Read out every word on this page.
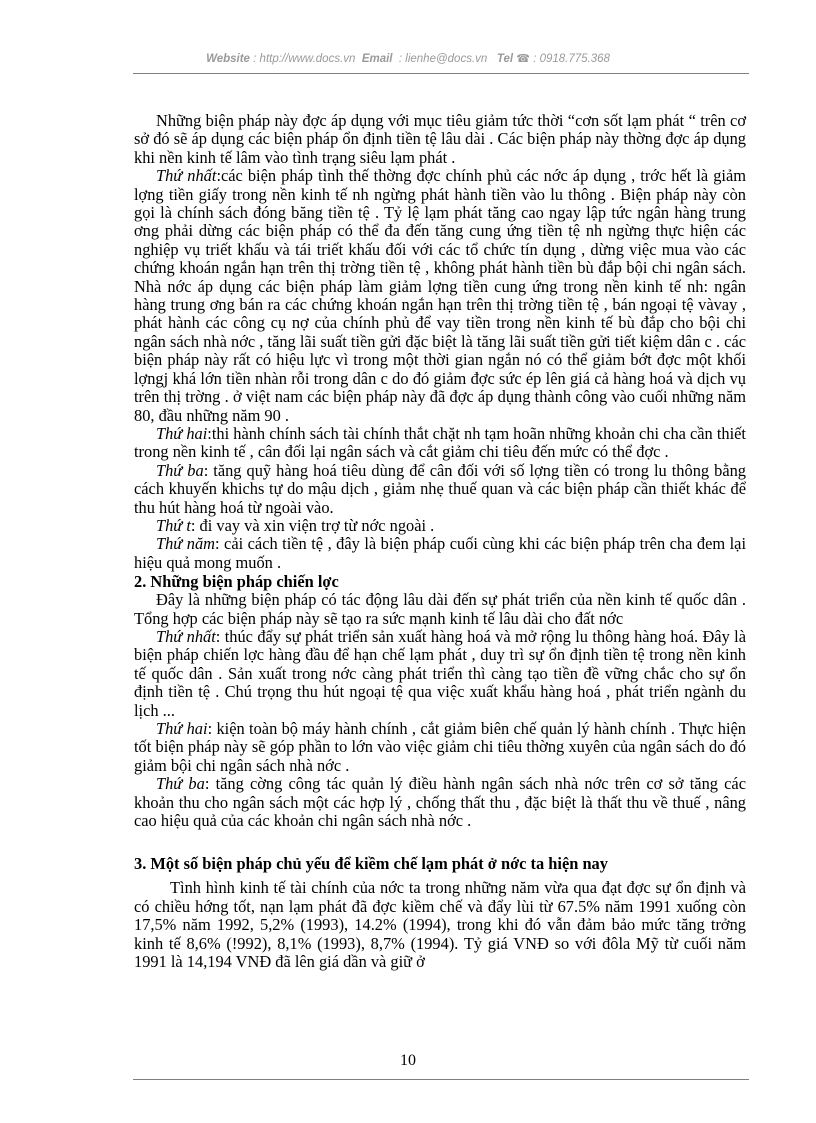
Website : http://www.docs.vn Email : lienhe@docs.vn Tel ☎ : 0918.775.368

Những biện pháp này đợc áp dụng với mục tiêu giảm tức thời “cơn sốt lạm phát “ trên cơ sở đó sẽ áp dụng các biện pháp ổn định tiền tệ lâu dài . Các biện pháp này thờng đợc áp dụng khi nền kinh tế lâm vào tình trạng siêu lạm phát .

Thứ nhất:các biện pháp tình thế thờng đợc chính phủ các nớc áp dụng , trớc hết là giảm lợng tiền giấy trong nền kinh tế nh ngừng phát hành tiền vào lu thông . Biện pháp này còn gọi là chính sách đóng băng tiền tệ . Tỷ lệ lạm phát tăng cao ngay lập tức ngân hàng trung ơng phải dừng các biện pháp có thể đa đến tăng cung ứng tiền tệ nh ngừng thực hiện các nghiệp vụ triết khấu và tái triết khấu đối với các tổ chức tín dụng , dừng việc mua vào các chứng khoán ngắn hạn trên thị trờng tiền tệ , không phát hành tiền bù đắp bội chi ngân sách. Nhà nớc áp dụng các biện pháp làm giảm lợng tiền cung ứng trong nền kinh tế nh: ngân hàng trung ơng bán ra các chứng khoán ngắn hạn trên thị trờng tiền tệ , bán ngoại tệ vàvay , phát hành các công cụ nợ của chính phủ để vay tiền trong nền kinh tế bù đắp cho bội chi ngân sách nhà nớc , tăng lãi suất tiền gửi đặc biệt là tăng lãi suất tiền gửi tiết kiệm dân c . các biện pháp này rất có hiệu lực vì trong một thời gian ngắn nó có thể giảm bớt đợc một khối lợngj khá lớn tiền nhàn rỗi trong dân c do đó giảm đợc sức ép lên giá cả hàng hoá và dịch vụ trên thị trờng . ở việt nam các biện pháp này đã đợc áp dụng thành công vào cuối những năm 80, đầu những năm 90 .

Thứ hai:thi hành chính sách tài chính thắt chặt nh tạm hoãn những khoản chi cha cần thiết trong nền kinh tế , cân đối lại ngân sách và cắt giảm chi tiêu đến mức có thể đợc .

Thứ ba: tăng quỹ hàng hoá tiêu dùng để cân đối với số lợng tiền có trong lu thông bằng cách khuyến khichs tự do mậu dịch , giảm nhẹ thuế quan và các biện pháp cần thiết khác để thu hút hàng hoá từ ngoài vào.

Thứ t: đi vay và xin viện trợ từ nớc ngoài .

Thứ năm: cải cách tiền tệ , đây là biện pháp cuối cùng khi các biện pháp trên cha đem lại hiệu quả mong muốn .

2. Những biện pháp chiến lợc

Đây là những biện pháp có tác động lâu dài đến sự phát triển của nền kinh tế quốc dân . Tổng hợp các biện pháp này sẽ tạo ra sức mạnh kinh tế lâu dài cho đất nớc

Thứ nhất: thúc đẩy sự phát triển sản xuất hàng hoá và mở rộng lu thông hàng hoá. Đây là biện pháp chiến lợc hàng đầu để hạn chế lạm phát , duy trì sự ổn định tiền tệ trong nền kinh tế quốc dân . Sản xuất trong nớc càng phát triển thì càng tạo tiền đề vững chắc cho sự ổn định tiền tệ . Chú trọng thu hút ngoại tệ qua việc xuất khẩu hàng hoá , phát triển ngành du lịch ...

Thứ hai: kiện toàn bộ máy hành chính , cắt giảm biên chế quản lý hành chính . Thực hiện tốt biện pháp này sẽ góp phần to lớn vào việc giảm chi tiêu thờng xuyên của ngân sách do đó giảm bội chi ngân sách nhà nớc .

Thứ ba: tăng cờng công tác quản lý điều hành ngân sách nhà nớc trên cơ sở tăng các khoản thu cho ngân sách một các hợp lý , chống thất thu , đặc biệt là thất thu về thuế , nâng cao hiệu quả của các khoản chi ngân sách nhà nớc .

3. Một số biện pháp chủ yếu để kiềm chế lạm phát ở nớc ta hiện nay

Tình hình kinh tế tài chính của nớc ta trong những năm vừa qua đạt đợc sự ổn định và có chiều hớng tốt, nạn lạm phát đã đợc kiềm chế và đẩy lùi từ 67.5% năm 1991 xuống còn 17,5% năm 1992, 5,2% (1993), 14.2% (1994), trong khi đó vẫn đảm bảo mức tăng trởng kinh tế 8,6% (!992), 8,1% (1993), 8,7% (1994). Tỷ giá VNĐ so với đôla Mỹ từ cuối năm 1991 là 14,194 VNĐ đã lên giá dần và giữ ở

10
